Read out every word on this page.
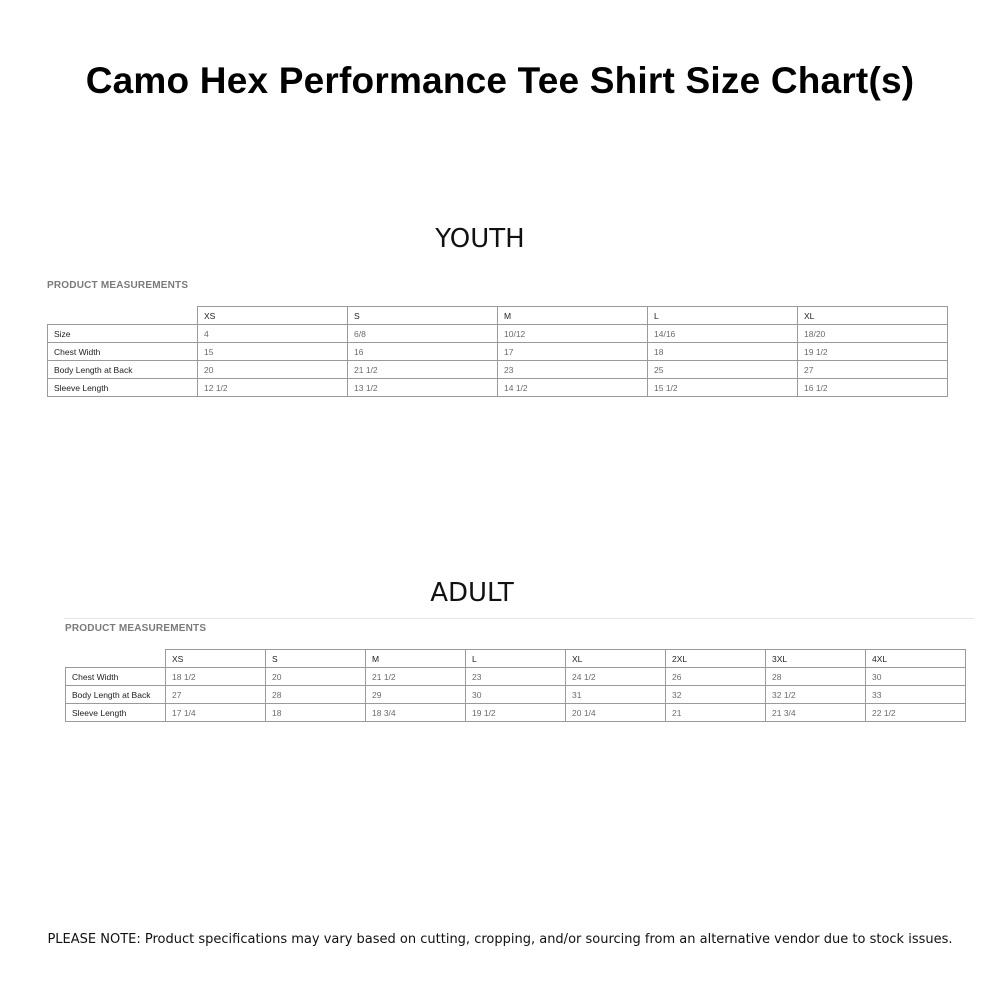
Camo Hex Performance Tee Shirt Size Chart(s)
YOUTH
PRODUCT MEASUREMENTS
	XS	S	M	L	XL
Size	4	6/8	10/12	14/16	18/20
Chest Width	15	16	17	18	19 1/2
Body Length at Back	20	21 1/2	23	25	27
Sleeve Length	12 1/2	13 1/2	14 1/2	15 1/2	16 1/2
ADULT
PRODUCT MEASUREMENTS
	XS	S	M	L	XL	2XL	3XL	4XL
Chest Width	18 1/2	20	21 1/2	23	24 1/2	26	28	30
Body Length at Back	27	28	29	30	31	32	32 1/2	33
Sleeve Length	17 1/4	18	18 3/4	19 1/2	20 1/4	21	21 3/4	22 1/2

PLEASE NOTE: Product specifications may vary based on cutting, cropping, and/or sourcing from an alternative vendor due to stock issues.
